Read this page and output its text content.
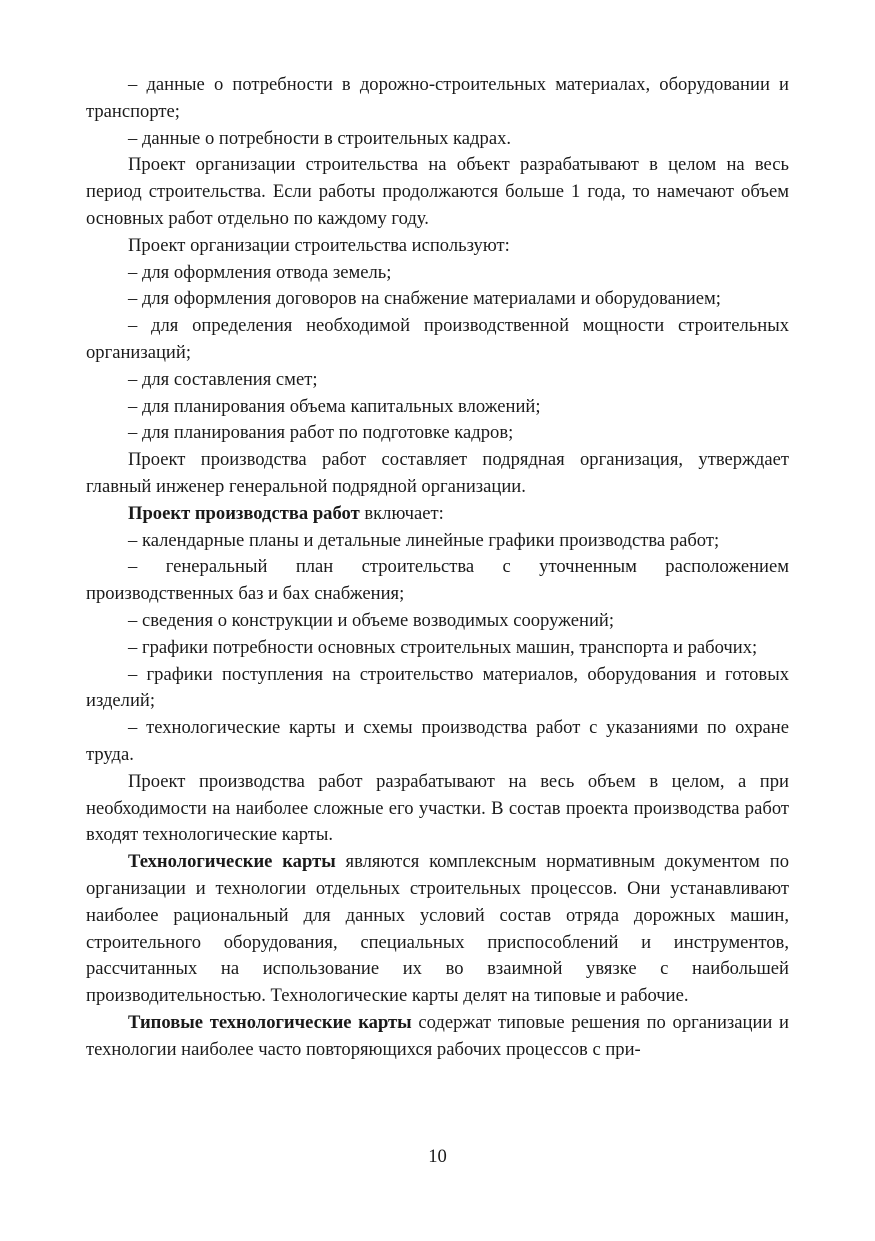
– данные о потребности в дорожно-строительных материалах, оборудовании и транспорте;

– данные о потребности в строительных кадрах.

Проект организации строительства на объект разрабатывают в целом на весь период строительства. Если работы продолжаются больше 1 года, то намечают объем основных работ отдельно по каждому году.

Проект организации строительства используют:

– для оформления отвода земель;

– для оформления договоров на снабжение материалами и оборудованием;

– для определения необходимой производственной мощности строительных организаций;

– для составления смет;

– для планирования объема капитальных вложений;

– для планирования работ по подготовке кадров;

Проект производства работ составляет подрядная организация, утверждает главный инженер генеральной подрядной организации.

Проект производства работ включает:

– календарные планы и детальные линейные графики производства работ;

– генеральный план строительства с уточненным расположением производственных баз и бах снабжения;

– сведения о конструкции и объеме возводимых сооружений;

– графики потребности основных строительных машин, транспорта и рабочих;

– графики поступления на строительство материалов, оборудования и готовых изделий;

– технологические карты и схемы производства работ с указаниями по охране труда.

Проект производства работ разрабатывают на весь объем в целом, а при необходимости на наиболее сложные его участки. В состав проекта производства работ входят технологические карты.

Технологические карты являются комплексным нормативным документом по организации и технологии отдельных строительных процессов. Они устанавливают наиболее рациональный для данных условий состав отряда дорожных машин, строительного оборудования, специальных приспособлений и инструментов, рассчитанных на использование их во взаимной увязке с наибольшей производительностью. Технологические карты делят на типовые и рабочие.

Типовые технологические карты содержат типовые решения по организации и технологии наиболее часто повторяющихся рабочих процессов с при-

10
